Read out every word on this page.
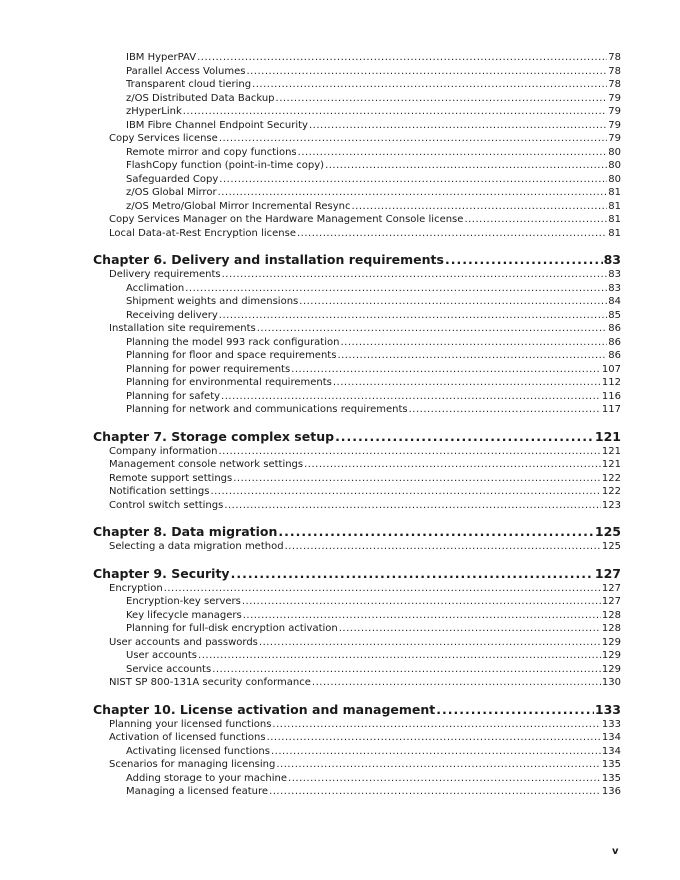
IBM HyperPAV .....	78
Parallel Access Volumes .....	78
Transparent cloud tiering .....	78
z/OS Distributed Data Backup .....	79
zHyperLink .....	79
IBM Fibre Channel Endpoint Security .....	79
Copy Services license .....	79
Remote mirror and copy functions .....	80
FlashCopy function (point-in-time copy) .....	80
Safeguarded Copy .....	80
z/OS Global Mirror .....	81
z/OS Metro/Global Mirror Incremental Resync .....	81
Copy Services Manager on the Hardware Management Console license .....	81
Local Data-at-Rest Encryption license .....	81
Chapter 6. Delivery and installation requirements .....	83
Delivery requirements .....	83
Acclimation .....	83
Shipment weights and dimensions .....	84
Receiving delivery .....	85
Installation site requirements .....	86
Planning the model 993 rack configuration .....	86
Planning for floor and space requirements .....	86
Planning for power requirements .....	107
Planning for environmental requirements .....	112
Planning for safety .....	116
Planning for network and communications requirements .....	117
Chapter 7. Storage complex setup .....	121
Company information .....	121
Management console network settings .....	121
Remote support settings .....	122
Notification settings .....	122
Control switch settings .....	123
Chapter 8. Data migration .....	125
Selecting a data migration method .....	125
Chapter 9. Security .....	127
Encryption .....	127
Encryption-key servers .....	127
Key lifecycle managers .....	128
Planning for full-disk encryption activation .....	128
User accounts and passwords .....	129
User accounts .....	129
Service accounts .....	129
NIST SP 800-131A security conformance .....	130
Chapter 10. License activation and management .....	133
Planning your licensed functions .....	133
Activation of licensed functions .....	134
Activating licensed functions .....	134
Scenarios for managing licensing .....	135
Adding storage to your machine .....	135
Managing a licensed feature .....	136
v
